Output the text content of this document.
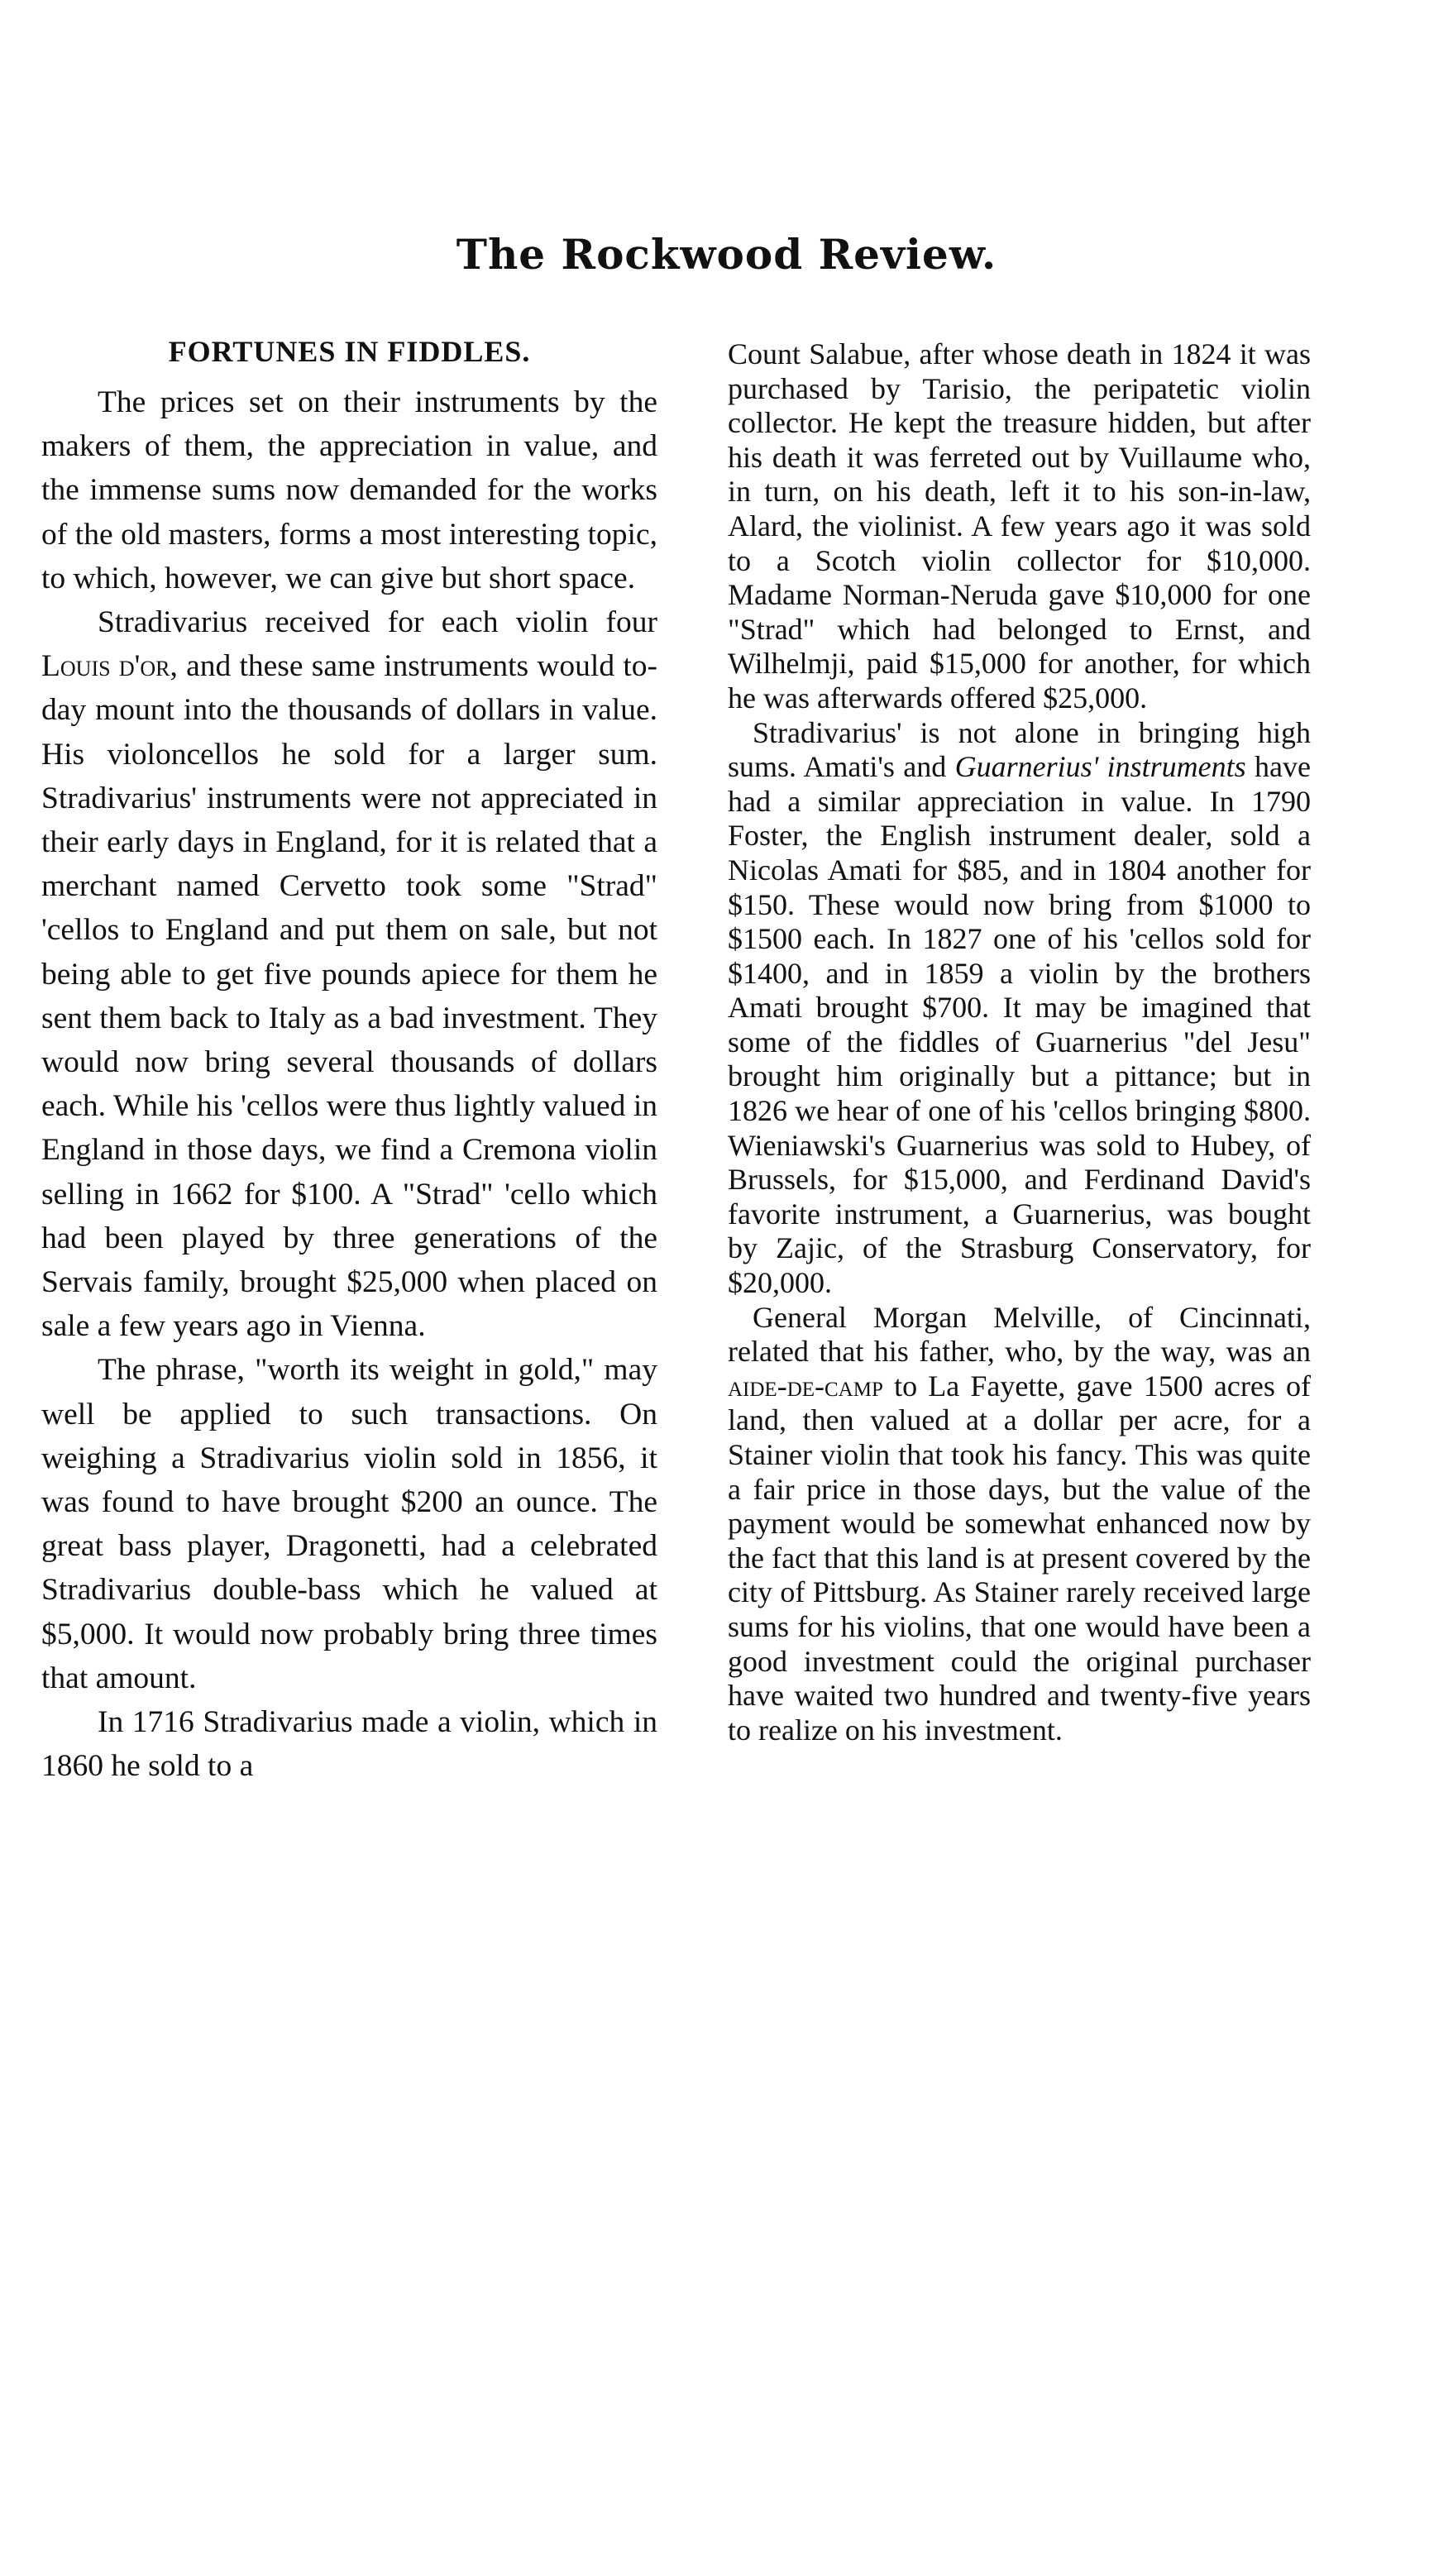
The Rockwood Review.
FORTUNES IN FIDDLES.

The prices set on their instruments by the makers of them, the appreciation in value, and the immense sums now demanded for the works of the old masters, forms a most interesting topic, to which, however, we can give but short space.

Stradivarius received for each violin four Louis d'or, and these same instruments would to-day mount into the thousands of dollars in value. His violoncellos he sold for a larger sum. Stradivarius' instruments were not appreciated in their early days in England, for it is related that a merchant named Cervetto took some "Strad" 'cellos to England and put them on sale, but not being able to get five pounds apiece for them he sent them back to Italy as a bad investment. They would now bring several thousands of dollars each. While his 'cellos were thus lightly valued in England in those days, we find a Cremona violin selling in 1662 for $100. A "Strad" 'cello which had been played by three generations of the Servais family, brought $25,000 when placed on sale a few years ago in Vienna.

The phrase, "worth its weight in gold," may well be applied to such transactions. On weighing a Stradivarius violin sold in 1856, it was found to have brought $200 an ounce. The great bass player, Dragonetti, had a celebrated Stradivarius double-bass which he valued at $5,000. It would now probably bring three times that amount.

In 1716 Stradivarius made a violin, which in 1860 he sold to a

Count Salabue, after whose death in 1824 it was purchased by Tarisio, the peripatetic violin collector. He kept the treasure hidden, but after his death it was ferreted out by Vuillaume who, in turn, on his death, left it to his son-in-law, Alard, the violinist. A few years ago it was sold to a Scotch violin collector for $10,000. Madame Norman-Neruda gave $10,000 for one "Strad" which had belonged to Ernst, and Wilhelmji, paid $15,000 for another, for which he was afterwards offered $25,000.

Stradivarius' is not alone in bringing high sums. Amati's and Guarnerius' instruments have had a similar appreciation in value. In 1790 Foster, the English instrument dealer, sold a Nicolas Amati for $85, and in 1804 another for $150. These would now bring from $1000 to $1500 each. In 1827 one of his 'cellos sold for $1400, and in 1859 a violin by the brothers Amati brought $700. It may be imagined that some of the fiddles of Guarnerius "del Jesu" brought him originally but a pittance; but in 1826 we hear of one of his 'cellos bringing $800. Wieniawski's Guarnerius was sold to Hubey, of Brussels, for $15,000, and Ferdinand David's favorite instrument, a Guarnerius, was bought by Zajic, of the Strasburg Conservatory, for $20,000.

General Morgan Melville, of Cincinnati, related that his father, who, by the way, was an aide-de-camp to La Fayette, gave 1500 acres of land, then valued at a dollar per acre, for a Stainer violin that took his fancy. This was quite a fair price in those days, but the value of the payment would be somewhat enhanced now by the fact that this land is at present covered by the city of Pittsburg. As Stainer rarely received large sums for his violins, that one would have been a good investment could the original purchaser have waited two hundred and twenty-five years to realize on his investment.
